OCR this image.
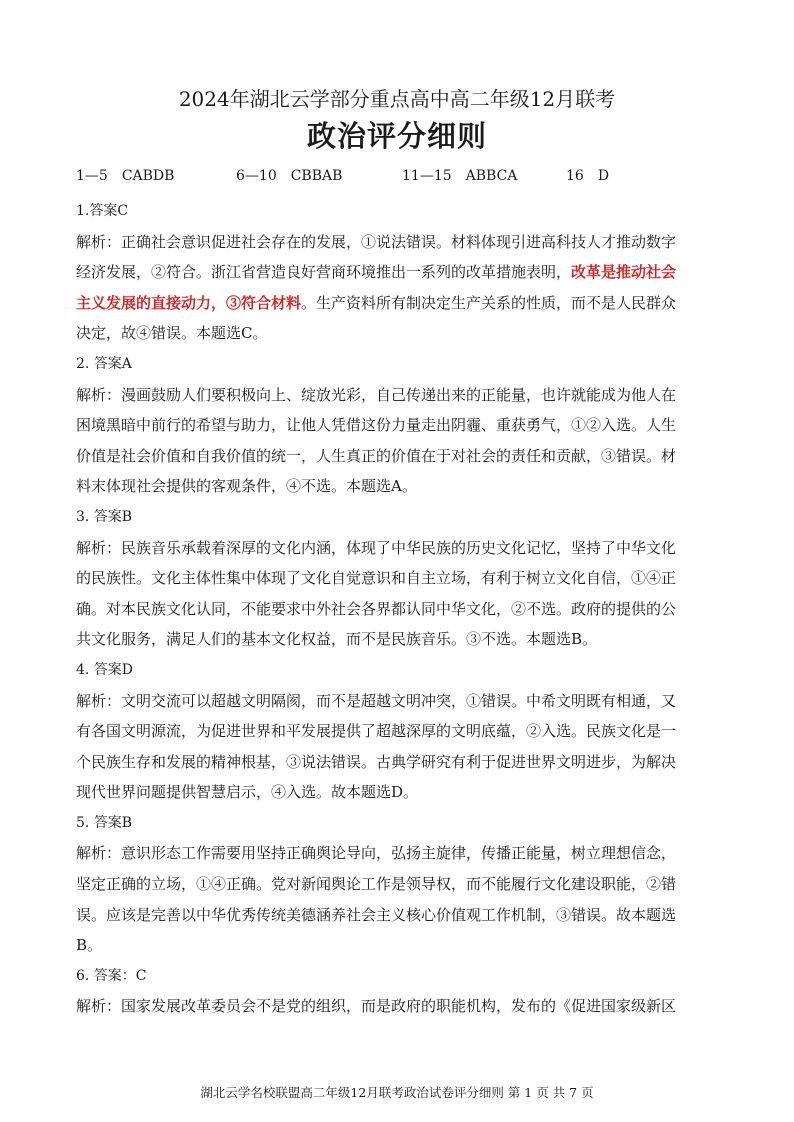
2024年湖北云学部分重点高中高二年级12月联考
政治评分细则
1—5　CABDB	6—10　CBBAB	11—15　ABBCA	16　D
1.答案C
解析：正确社会意识促进社会存在的发展，①说法错误。材料体现引进高科技人才推动数字
经济发展，②符合。浙江省营造良好营商环境推出一系列的改革措施表明，改革是推动社会
主义发展的直接动力，③符合材料。生产资料所有制决定生产关系的性质，而不是人民群众
决定，故④错误。本题选C。
2. 答案A
解析：漫画鼓励人们要积极向上、绽放光彩，自己传递出来的正能量，也许就能成为他人在
困境黑暗中前行的希望与助力，让他人凭借这份力量走出阴霾、重获勇气，①②入选。人生
价值是社会价值和自我价值的统一，人生真正的价值在于对社会的责任和贡献，③错误。材
料末体现社会提供的客观条件，④不选。本题选A。
3. 答案B
解析：民族音乐承载着深厚的文化内涵，体现了中华民族的历史文化记忆，坚持了中华文化
的民族性。文化主体性集中体现了文化自觉意识和自主立场，有利于树立文化自信，①④正
确。对本民族文化认同，不能要求中外社会各界都认同中华文化，②不选。政府的提供的公
共文化服务，满足人们的基本文化权益，而不是民族音乐。③不选。本题选B。
4. 答案D
解析：文明交流可以超越文明隔阂，而不是超越文明冲突，①错误。中希文明既有相通，又
有各国文明源流，为促进世界和平发展提供了超越深厚的文明底蕴，②入选。民族文化是一
个民族生存和发展的精神根基，③说法错误。古典学研究有利于促进世界文明进步，为解决
现代世界问题提供智慧启示，④入选。故本题选D。
5. 答案B
解析：意识形态工作需要用坚持正确舆论导向，弘扬主旋律，传播正能量，树立理想信念，
坚定正确的立场，①④正确。党对新闻舆论工作是领导权，而不能履行文化建设职能，②错
误。应该是完善以中华优秀传统美德涵养社会主义核心价值观工作机制，③错误。故本题选
B。
6. 答案：C
解析：国家发展改革委员会不是党的组织，而是政府的职能机构，发布的《促进国家级新区
湖北云学名校联盟高二年级12月联考政治试卷评分细则 第 1 页 共 7 页
